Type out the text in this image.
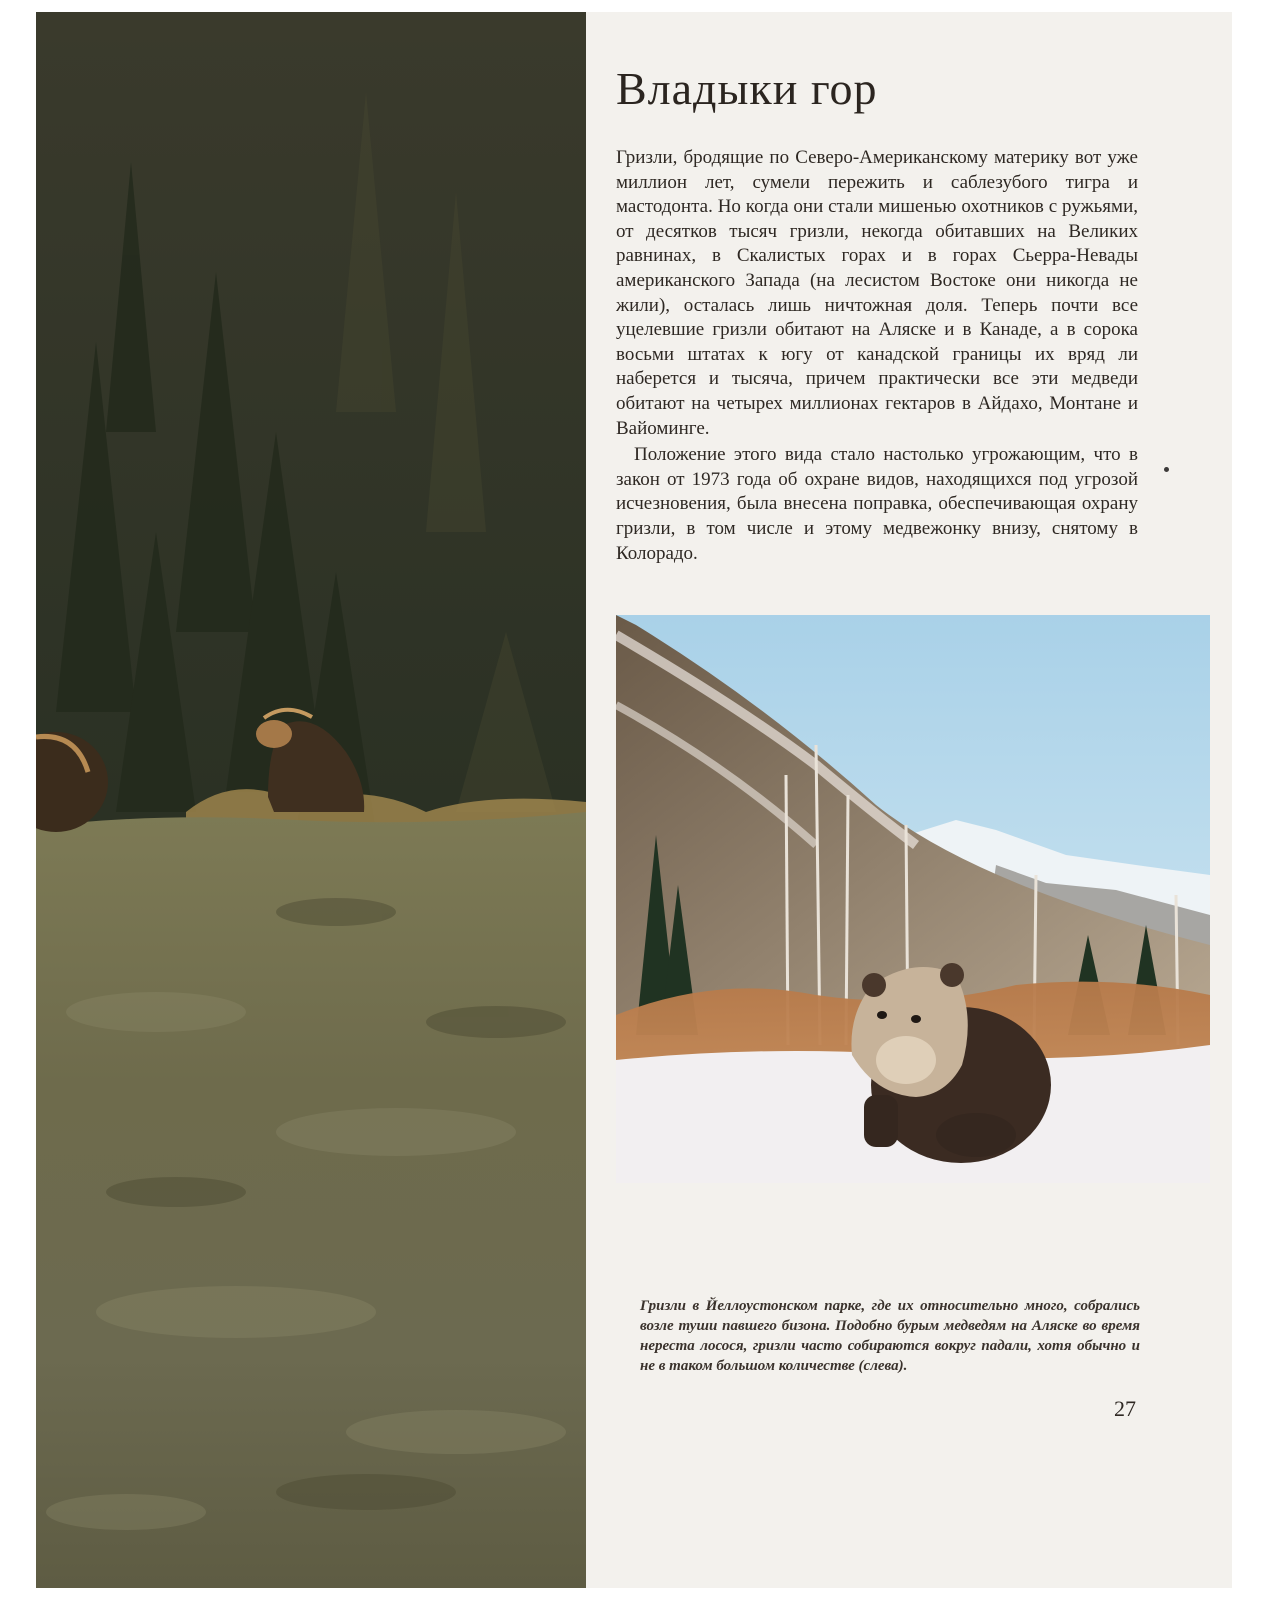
Владыки гор

Гризли, бродящие по Северо-Американскому материку вот уже миллион лет, сумели пережить и саблезубого тигра и мастодонта. Но когда они стали мишенью охотников с ружьями, от десятков тысяч гризли, некогда обитавших на Великих равнинах, в Скалистых горах и в горах Сьерра-Невады американского Запада (на лесистом Востоке они никогда не жили), осталась лишь ничтожная доля. Теперь почти все уцелевшие гризли обитают на Аляске и в Канаде, а в сорока восьми штатах к югу от канадской границы их вряд ли наберется и тысяча, причем практически все эти медведи обитают на четырех миллионах гектаров в Айдахо, Монтане и Вайоминге.

Положение этого вида стало настолько угрожающим, что в закон от 1973 года об охране видов, находящихся под угрозой исчезновения, была внесена поправка, обеспечивающая охрану гризли, в том числе и этому медвежонку внизу, снятому в Колорадо.

Гризли в Йеллоустонском парке, где их относительно много, собрались возле туши павшего бизона. Подобно бурым медведям на Аляске во время нереста лосося, гризли часто собираются вокруг падали, хотя обычно и не в таком большом количестве (слева).
27
